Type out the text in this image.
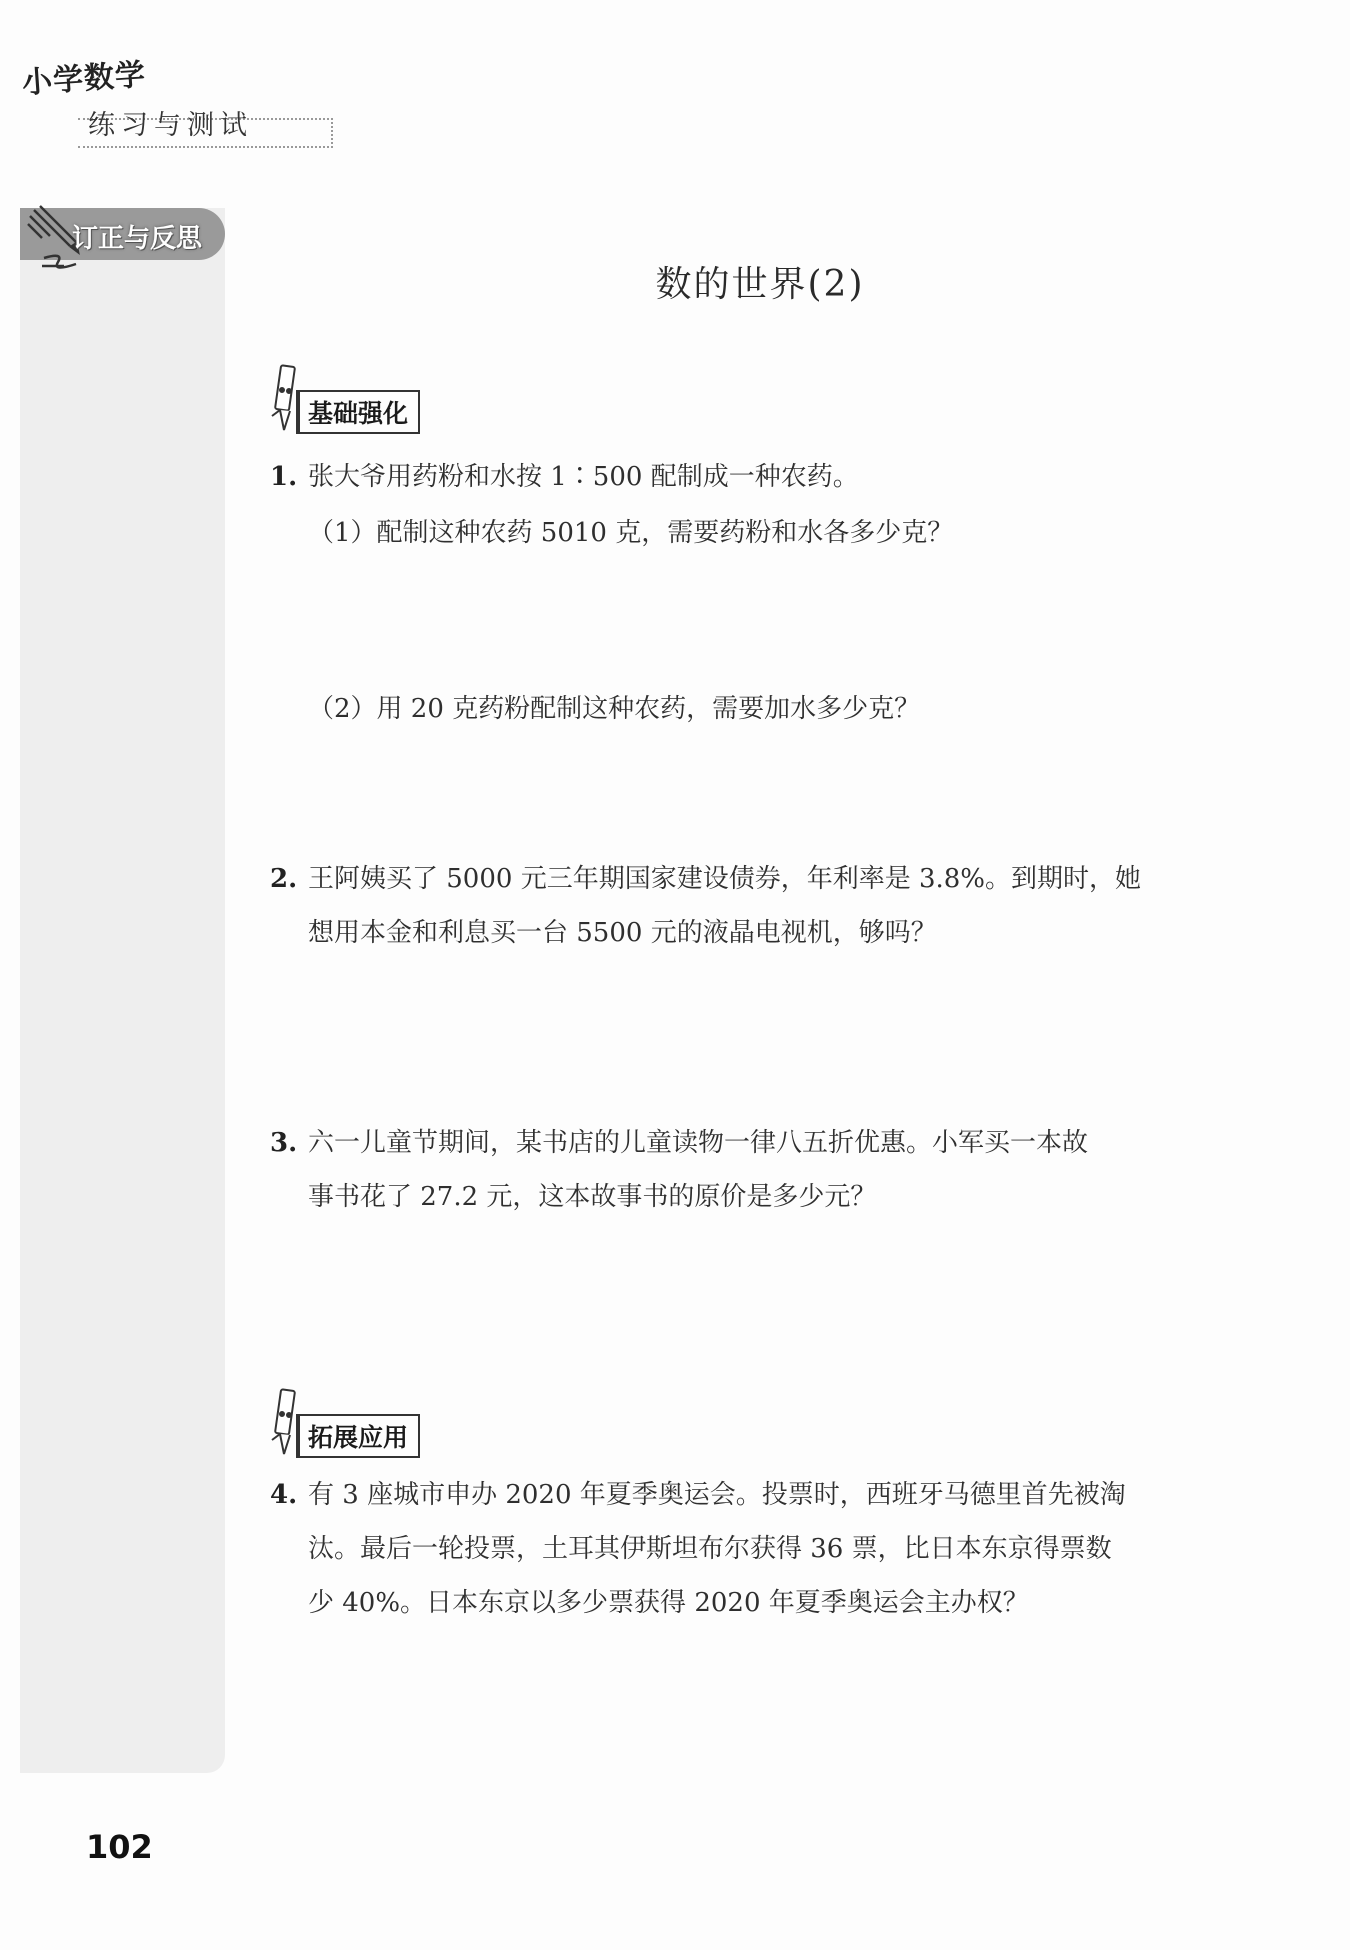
小学数学
练习与测试
订正与反思
数的世界(2)
基础强化
1. 张大爷用药粉和水按 1∶500 配制成一种农药。
（1）配制这种农药 5010 克，需要药粉和水各多少克？
（2）用 20 克药粉配制这种农药，需要加水多少克？
2. 王阿姨买了 5000 元三年期国家建设债券，年利率是 3.8%。到期时，她
想用本金和利息买一台 5500 元的液晶电视机，够吗？
3. 六一儿童节期间，某书店的儿童读物一律八五折优惠。小军买一本故
事书花了 27.2 元，这本故事书的原价是多少元？
拓展应用
4. 有 3 座城市申办 2020 年夏季奥运会。投票时，西班牙马德里首先被淘
汰。最后一轮投票，土耳其伊斯坦布尔获得 36 票，比日本东京得票数
少 40%。日本东京以多少票获得 2020 年夏季奥运会主办权？
102
